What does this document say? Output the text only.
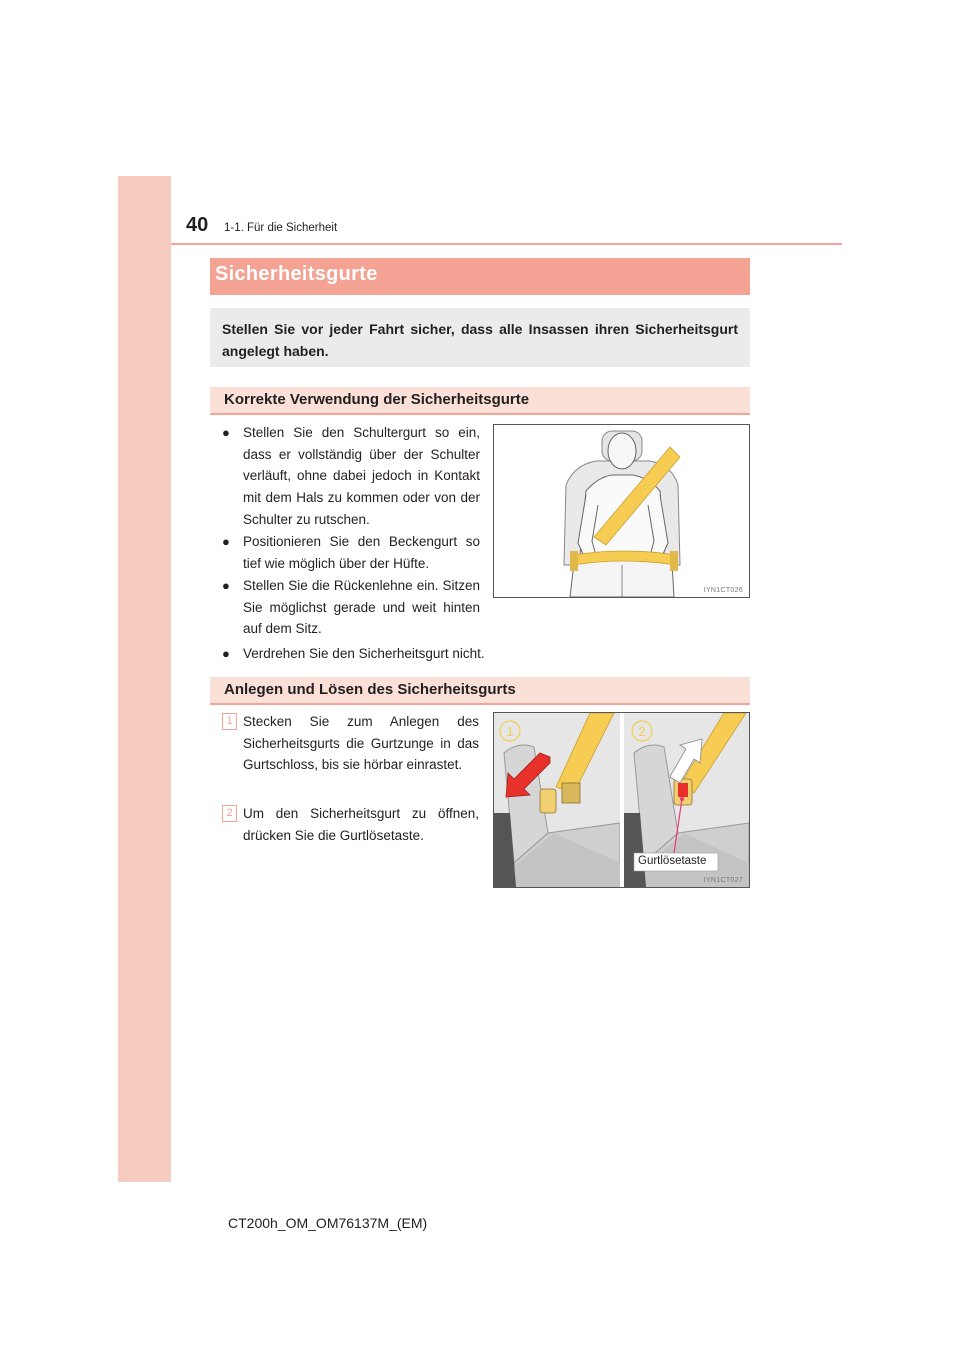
40 1-1. Für die Sicherheit
Sicherheitsgurte
Stellen Sie vor jeder Fahrt sicher, dass alle Insassen ihren Sicherheitsgurt angelegt haben.
Korrekte Verwendung der Sicherheitsgurte
● Stellen Sie den Schultergurt so ein, dass er vollständig über der Schulter verläuft, ohne dabei jedoch in Kontakt mit dem Hals zu kommen oder von der Schulter zu rutschen.
● Positionieren Sie den Beckengurt so tief wie möglich über der Hüfte.
● Stellen Sie die Rückenlehne ein. Sitzen Sie möglichst gerade und weit hinten auf dem Sitz.
● Verdrehen Sie den Sicherheitsgurt nicht.
IYN1CT026
Anlegen und Lösen des Sicherheitsgurts
1 Stecken Sie zum Anlegen des Sicherheitsgurts die Gurtzunge in das Gurtschloss, bis sie hörbar einrastet.
2 Um den Sicherheitsgurt zu öffnen, drücken Sie die Gurtlösetaste.
1	2
Gurtlösetaste
IYN1CT027
CT200h_OM_OM76137M_(EM)
